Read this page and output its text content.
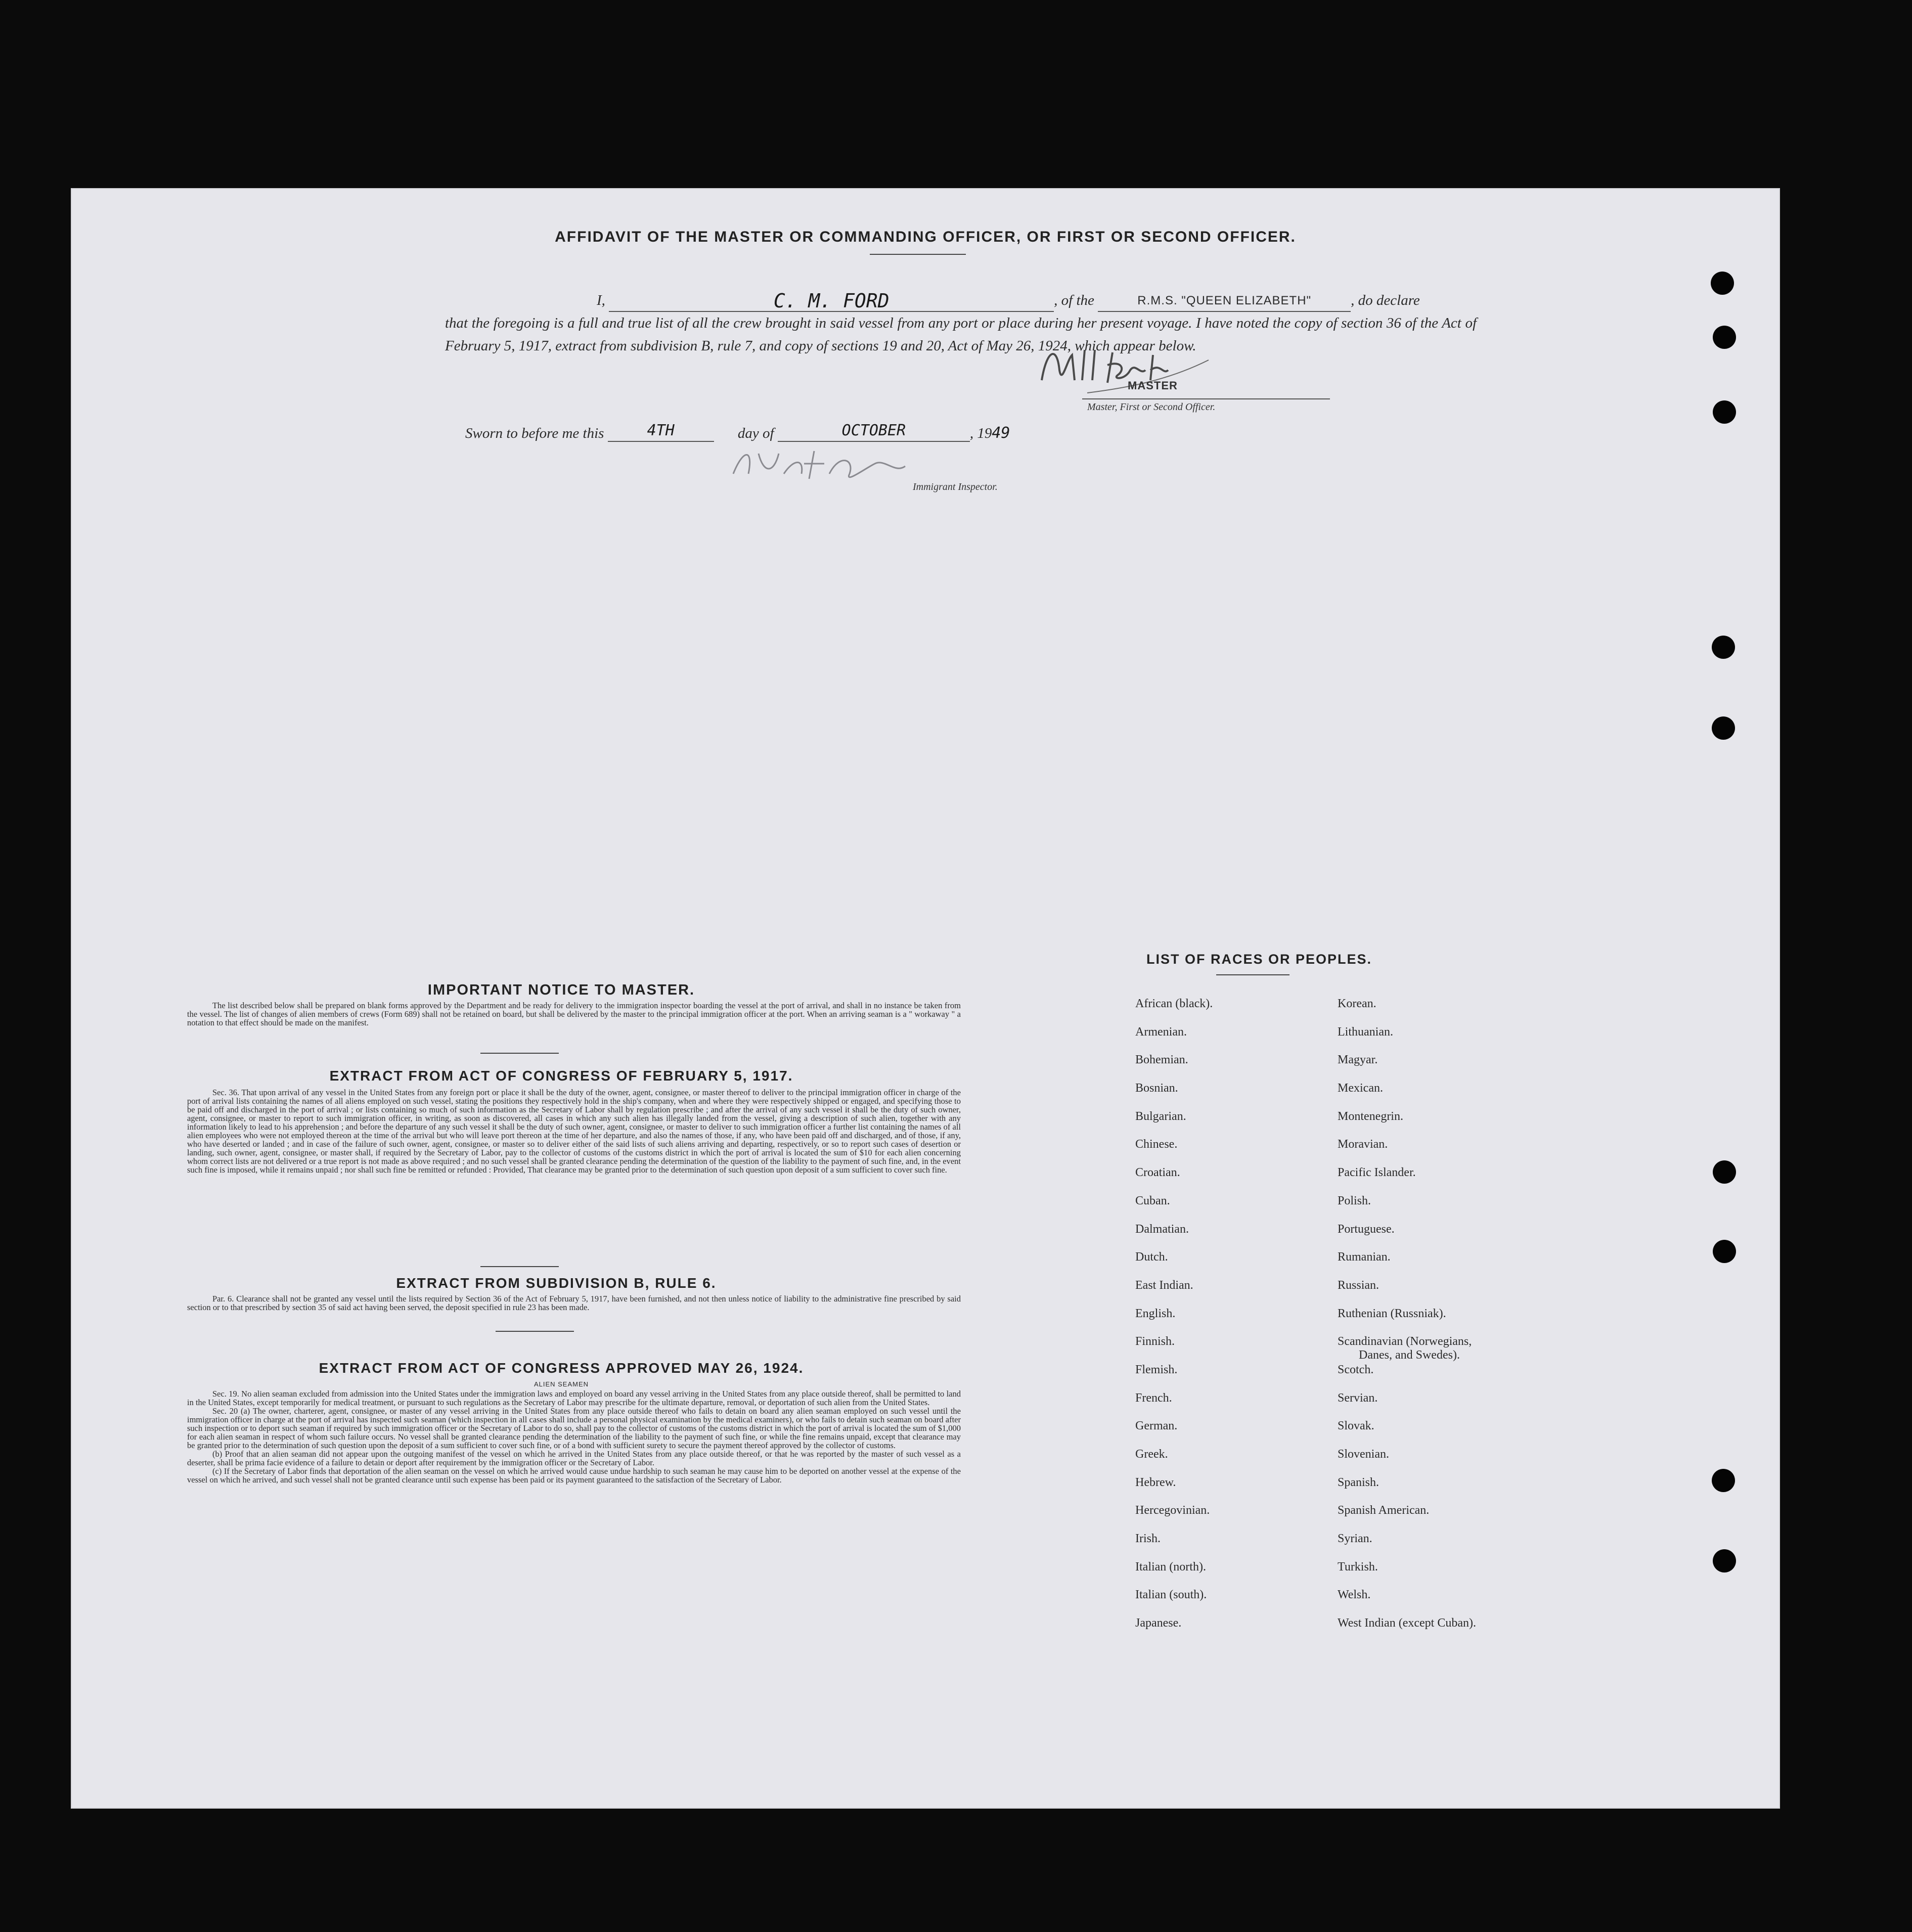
AFFIDAVIT OF THE MASTER OR COMMANDING OFFICER, OR FIRST OR SECOND OFFICER.
I,	C. M. FORD	, of the	R.M.S. "QUEEN ELIZABETH"	, do declare
that the foregoing is a full and true list of all the crew brought in said vessel from any port or place during her present voyage. I have noted the copy of section 36 of the Act of February 5, 1917, extract from subdivision B, rule 7, and copy of sections 19 and 20, Act of May 26, 1924, which appear below.
MASTER
Master, First or Second Officer.
Sworn to before me this	4TH	day of	OCTOBER	, 1949
Immigrant Inspector.
IMPORTANT NOTICE TO MASTER.
The list described below shall be prepared on blank forms approved by the Department and be ready for delivery to the immigration inspector boarding the vessel at the port of arrival, and shall in no instance be taken from the vessel. The list of changes of alien members of crews (Form 689) shall not be retained on board, but shall be delivered by the master to the principal immigration officer at the port. When an arriving seaman is a " workaway " a notation to that effect should be made on the manifest.
EXTRACT FROM ACT OF CONGRESS OF FEBRUARY 5, 1917.
Sec. 36. That upon arrival of any vessel in the United States from any foreign port or place it shall be the duty of the owner, agent, consignee, or master thereof to deliver to the principal immigration officer in charge of the port of arrival lists containing the names of all aliens employed on such vessel, stating the positions they respectively hold in the ship's company, when and where they were respectively shipped or engaged, and specifying those to be paid off and discharged in the port of arrival ; or lists containing so much of such information as the Secretary of Labor shall by regulation prescribe ; and after the arrival of any such vessel it shall be the duty of such owner, agent, consignee, or master to report to such immigration officer, in writing, as soon as discovered, all cases in which any such alien has illegally landed from the vessel, giving a description of such alien, together with any information likely to lead to his apprehension ; and before the departure of any such vessel it shall be the duty of such owner, agent, consignee, or master to deliver to such immigration officer a further list containing the names of all alien employees who were not employed thereon at the time of the arrival but who will leave port thereon at the time of her departure, and also the names of those, if any, who have been paid off and discharged, and of those, if any, who have deserted or landed ; and in case of the failure of such owner, agent, consignee, or master so to deliver either of the said lists of such aliens arriving and departing, respectively, or so to report such cases of desertion or landing, such owner, agent, consignee, or master shall, if required by the Secretary of Labor, pay to the collector of customs of the customs district in which the port of arrival is located the sum of $10 for each alien concerning whom correct lists are not delivered or a true report is not made as above required ; and no such vessel shall be granted clearance pending the determination of the question of the liability to the payment of such fine, and, in the event such fine is imposed, while it remains unpaid ; nor shall such fine be remitted or refunded : Provided, That clearance may be granted prior to the determination of such question upon deposit of a sum sufficient to cover such fine.
EXTRACT FROM SUBDIVISION B, RULE 6.
Par. 6. Clearance shall not be granted any vessel until the lists required by Section 36 of the Act of February 5, 1917, have been furnished, and not then unless notice of liability to the administrative fine prescribed by said section or to that prescribed by section 35 of said act having been served, the deposit specified in rule 23 has been made.
EXTRACT FROM ACT OF CONGRESS APPROVED MAY 26, 1924.
ALIEN SEAMEN
Sec. 19. No alien seaman excluded from admission into the United States under the immigration laws and employed on board any vessel arriving in the United States from any place outside thereof, shall be permitted to land in the United States, except temporarily for medical treatment, or pursuant to such regulations as the Secretary of Labor may prescribe for the ultimate departure, removal, or deportation of such alien from the United States.
Sec. 20 (a) The owner, charterer, agent, consignee, or master of any vessel arriving in the United States from any place outside thereof who fails to detain on board any alien seaman employed on such vessel until the immigration officer in charge at the port of arrival has inspected such seaman (which inspection in all cases shall include a personal physical examination by the medical examiners), or who fails to detain such seaman on board after such inspection or to deport such seaman if required by such immigration officer or the Secretary of Labor to do so, shall pay to the collector of customs of the customs district in which the port of arrival is located the sum of $1,000 for each alien seaman in respect of whom such failure occurs. No vessel shall be granted clearance pending the determination of the liability to the payment of such fine, or while the fine remains unpaid, except that clearance may be granted prior to the determination of such question upon the deposit of a sum sufficient to cover such fine, or of a bond with sufficient surety to secure the payment thereof approved by the collector of customs.
(b) Proof that an alien seaman did not appear upon the outgoing manifest of the vessel on which he arrived in the United States from any place outside thereof, or that he was reported by the master of such vessel as a deserter, shall be prima facie evidence of a failure to detain or deport after requirement by the immigration officer or the Secretary of Labor.
(c) If the Secretary of Labor finds that deportation of the alien seaman on the vessel on which he arrived would cause undue hardship to such seaman he may cause him to be deported on another vessel at the expense of the vessel on which he arrived, and such vessel shall not be granted clearance until such expense has been paid or its payment guaranteed to the satisfaction of the Secretary of Labor.
LIST OF RACES OR PEOPLES.
African (black).
Armenian.
Bohemian.
Bosnian.
Bulgarian.
Chinese.
Croatian.
Cuban.
Dalmatian.
Dutch.
East Indian.
English.
Finnish.
Flemish.
French.
German.
Greek.
Hebrew.
Hercegovinian.
Irish.
Italian (north).
Italian (south).
Japanese.
Korean.
Lithuanian.
Magyar.
Mexican.
Montenegrin.
Moravian.
Pacific Islander.
Polish.
Portuguese.
Rumanian.
Russian.
Ruthenian (Russniak).
Scandinavian (Norwegians,
Danes, and Swedes).
Scotch.
Servian.
Slovak.
Slovenian.
Spanish.
Spanish American.
Syrian.
Turkish.
Welsh.
West Indian (except Cuban).
